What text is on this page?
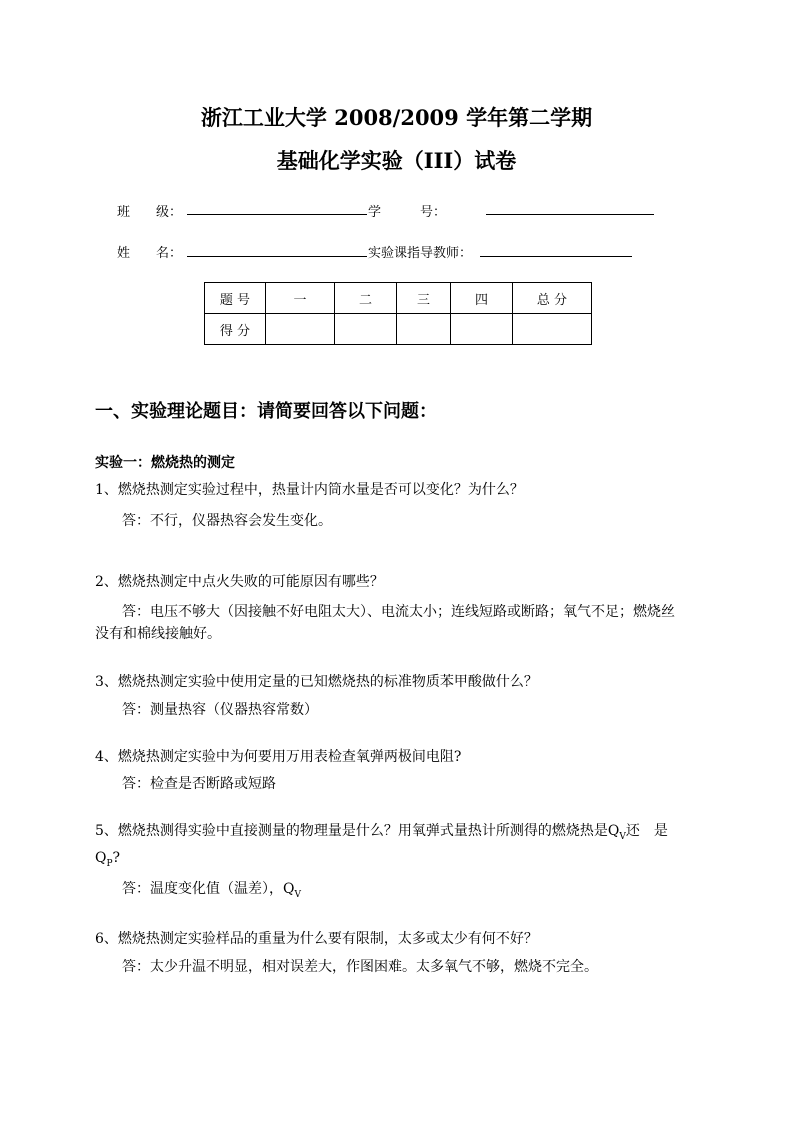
浙江工业大学 2008/2009 学年第二学期
基础化学实验（III）试卷
班　　级：	学　　　号：
姓　　名：	实验课指导教师：
题 号	一	二	三	四	总 分
得 分					
一、实验理论题目：请简要回答以下问题：
实验一：燃烧热的测定
1、燃烧热测定实验过程中，热量计内筒水量是否可以变化？为什么？
答：不行，仪器热容会发生变化。
2、燃烧热测定中点火失败的可能原因有哪些？
答：电压不够大（因接触不好电阻太大）、电流太小；连线短路或断路；氧气不足；燃烧丝
没有和棉线接触好。
3、燃烧热测定实验中使用定量的已知燃烧热的标准物质苯甲酸做什么？
答：测量热容（仪器热容常数）
4、燃烧热测定实验中为何要用万用表检查氧弹两极间电阻?
答：检查是否断路或短路
5、燃烧热测得实验中直接测量的物理量是什么？用氧弹式量热计所测得的燃烧热是$Q_V$还　是
$Q_P$?
答：温度变化值（温差），$Q_V$
6、燃烧热测定实验样品的重量为什么要有限制，太多或太少有何不好？
答：太少升温不明显，相对误差大，作图困难。太多氧气不够，燃烧不完全。
